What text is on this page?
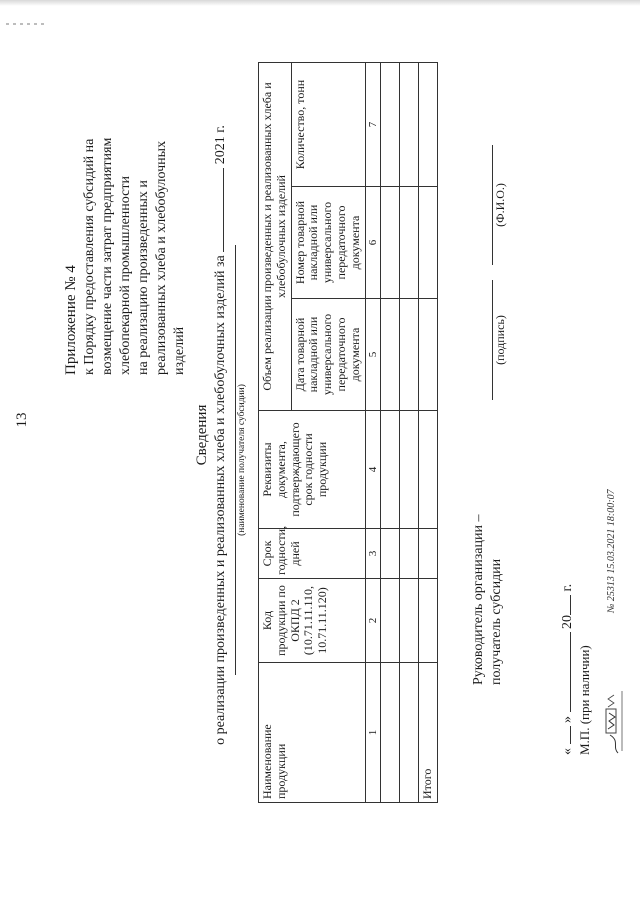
13
Приложение № 4 к Порядку предоставления субсидий на возмещение части затрат предприятиям хлебопекарной промышленности на реализацию произведенных и реализованных хлеба и хлебобулочных изделий
Сведения о реализации произведенных и реализованных хлеба и хлебобулочных изделий за  2021 г.
(наименование получателя субсидии)
Наименование продукции	Код продукции по ОКПД 2 (10.71.11.110, 10.71.11.120)	Срок годности, дней	Реквизиты документа, подтверждающего срок годности продукции	Объем реализации произведенных и реализованных хлеба и хлебобулочных изделий		
				Дата товарной накладной или универсального передаточного документа	Номер товарной накладной или универсального передаточного документа	Количество, тонн
1	2	3	4	5	6	7

Итого						
Руководитель организации – получатель субсидии
(подпись)
(Ф.И.О.)
«  »  20 г.
М.П. (при наличии)
№ 25313 15.03.2021 18:00:07
